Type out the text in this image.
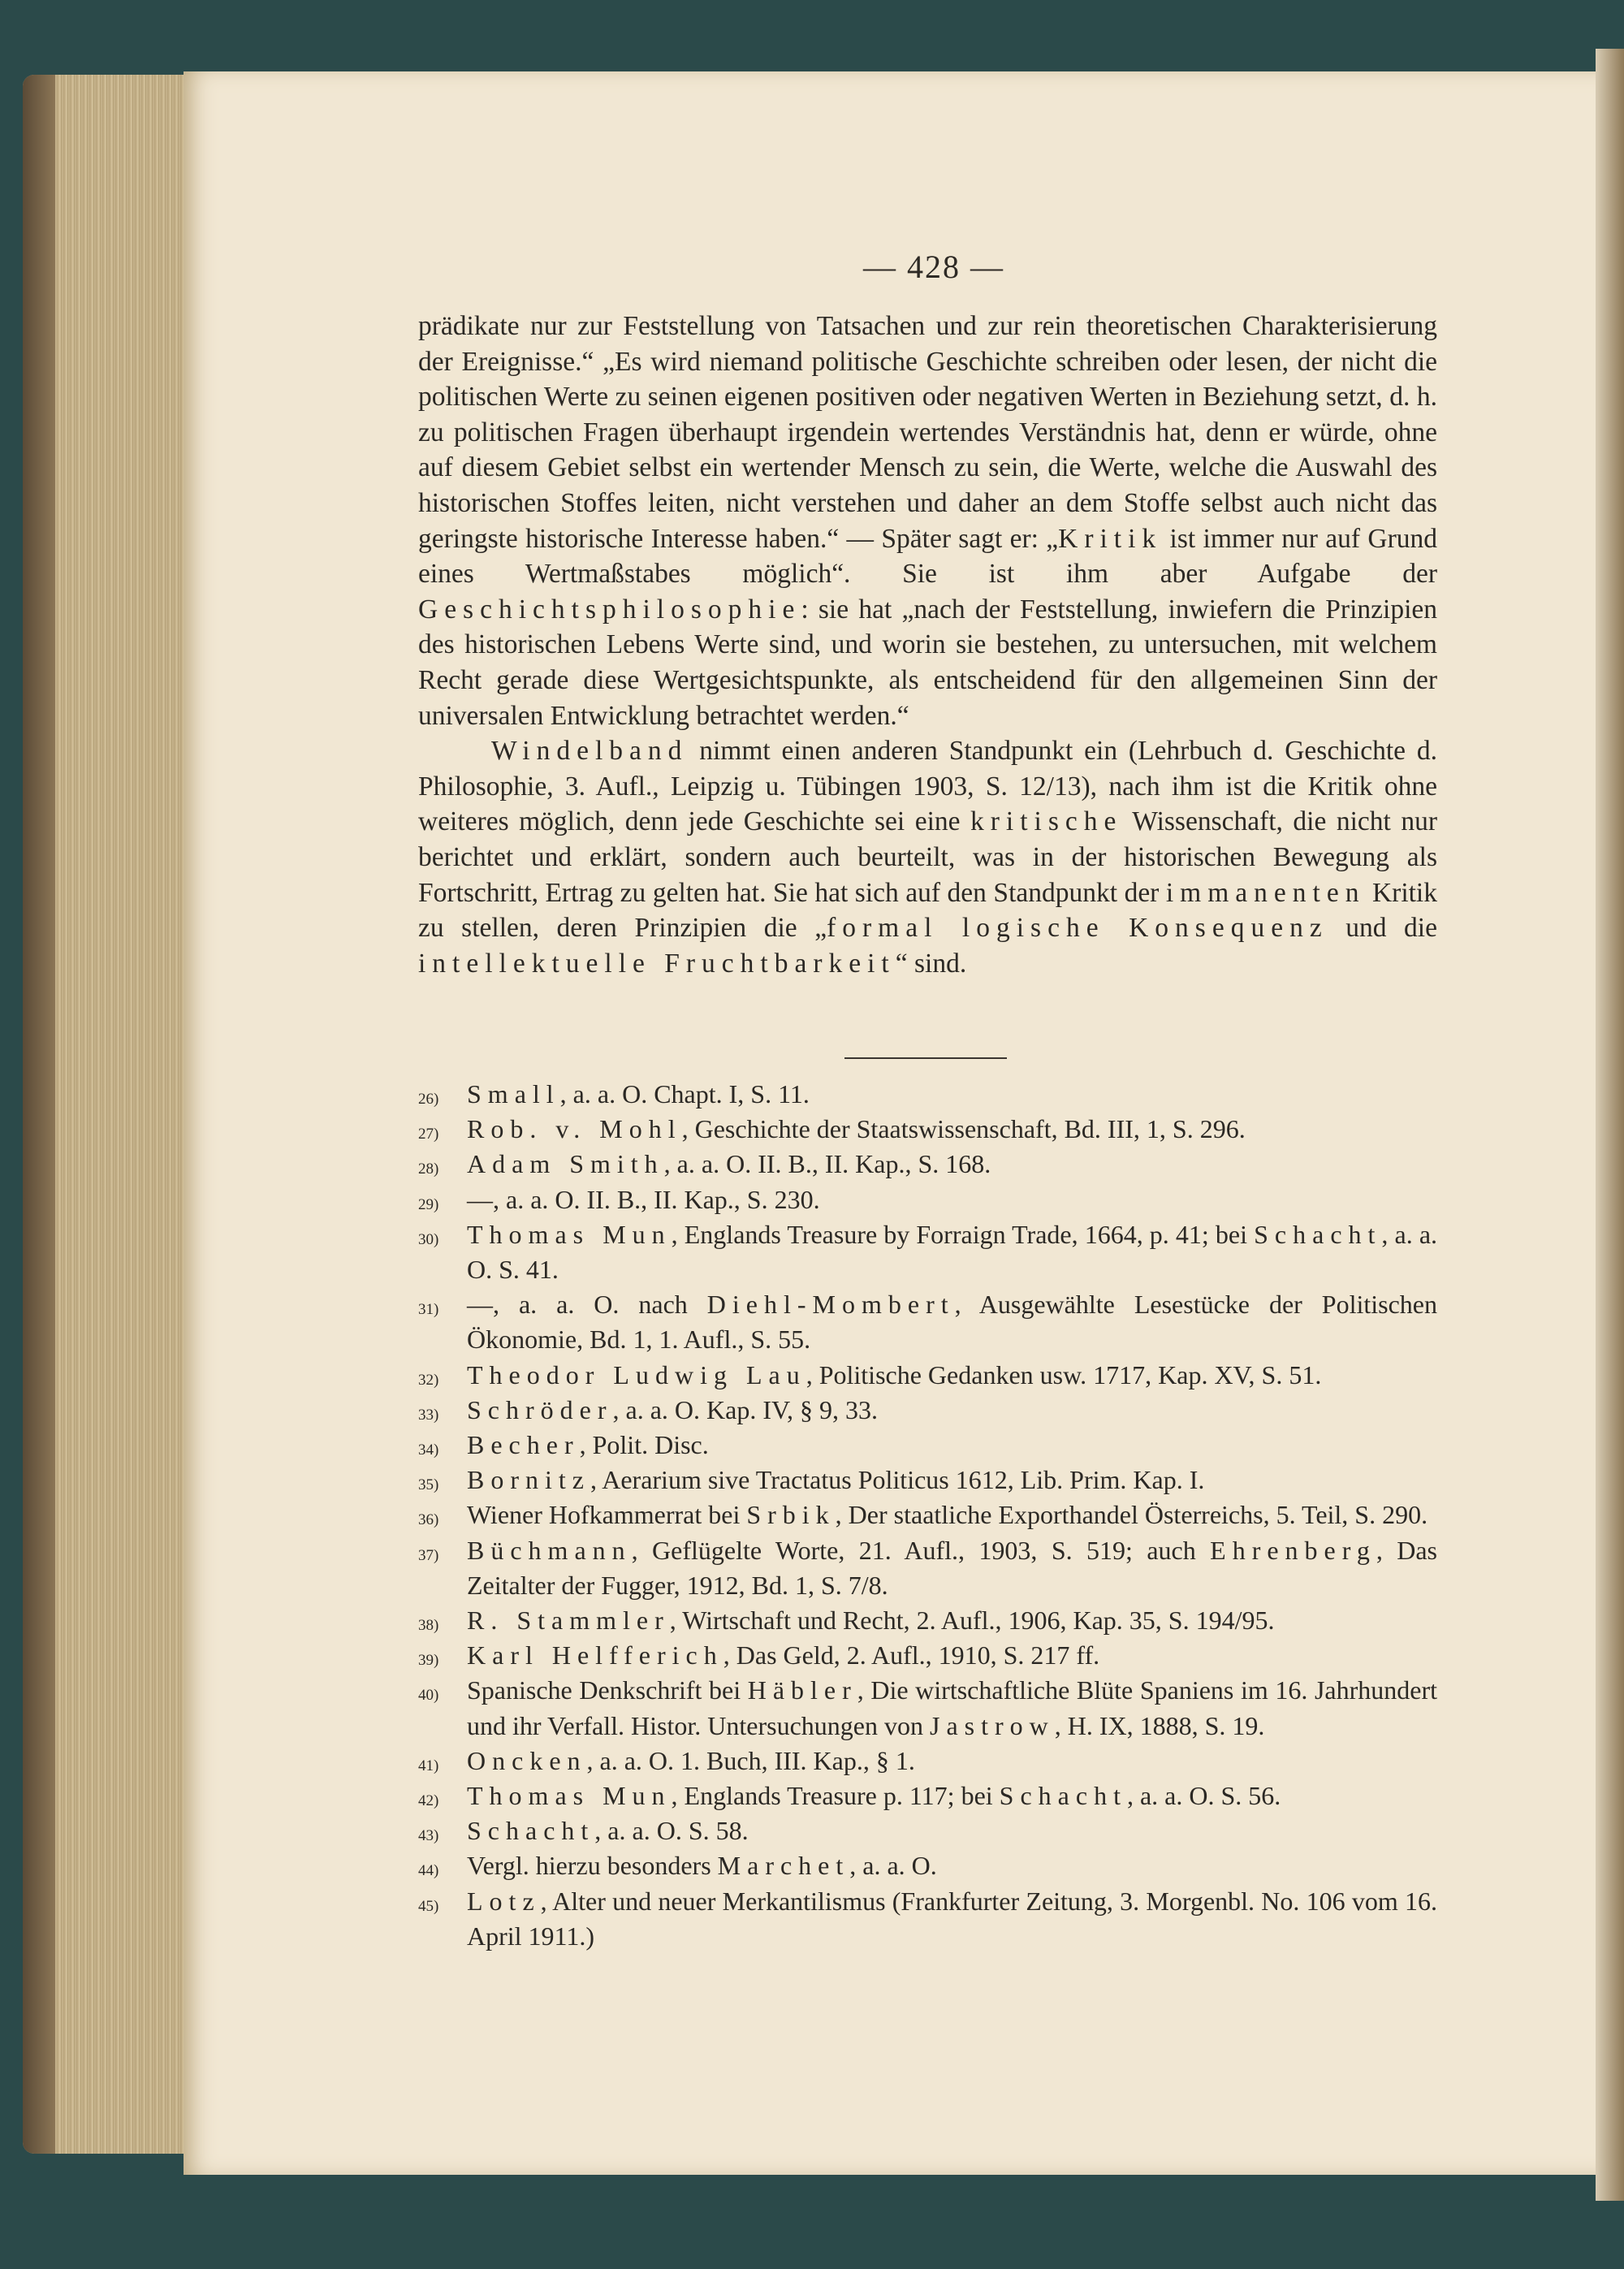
— 428 —

prädikate nur zur Feststellung von Tatsachen und zur rein theoretischen Charakterisierung der Ereignisse.“ „Es wird niemand politische Geschichte schreiben oder lesen, der nicht die politischen Werte zu seinen eigenen positiven oder negativen Werten in Beziehung setzt, d. h. zu politischen Fragen überhaupt irgendein wertendes Verständnis hat, denn er würde, ohne auf diesem Gebiet selbst ein wertender Mensch zu sein, die Werte, welche die Auswahl des historischen Stoffes leiten, nicht verstehen und daher an dem Stoffe selbst auch nicht das geringste historische Interesse haben.“ — Später sagt er: „Kritik ist immer nur auf Grund eines Wertmaßstabes möglich“. Sie ist ihm aber Aufgabe der Geschichtsphilosophie: sie hat „nach der Feststellung, inwiefern die Prinzipien des historischen Lebens Werte sind, und worin sie bestehen, zu untersuchen, mit welchem Recht gerade diese Wertgesichtspunkte, als entscheidend für den allgemeinen Sinn der universalen Entwicklung betrachtet werden.“

Windelband nimmt einen anderen Standpunkt ein (Lehrbuch d. Geschichte d. Philosophie, 3. Aufl., Leipzig u. Tübingen 1903, S. 12/13), nach ihm ist die Kritik ohne weiteres möglich, denn jede Geschichte sei eine kritische Wissenschaft, die nicht nur berichtet und erklärt, sondern auch beurteilt, was in der historischen Bewegung als Fortschritt, Ertrag zu gelten hat. Sie hat sich auf den Standpunkt der immanenten Kritik zu stellen, deren Prinzipien die „formal logische Konsequenz und die intellektuelle Fruchtbarkeit“ sind.

26) Small, a. a. O. Chapt. I, S. 11.
27) Rob. v. Mohl, Geschichte der Staatswissenschaft, Bd. III, 1, S. 296.
28) Adam Smith, a. a. O. II. B., II. Kap., S. 168.
29) —, a. a. O. II. B., II. Kap., S. 230.
30) Thomas Mun, Englands Treasure by Forraign Trade, 1664, p. 41; bei Schacht, a. a. O. S. 41.
31) —, a. a. O. nach Diehl-Mombert, Ausgewählte Lesestücke der Politischen Ökonomie, Bd. 1, 1. Aufl., S. 55.
32) Theodor Ludwig Lau, Politische Gedanken usw. 1717, Kap. XV, S. 51.
33) Schröder, a. a. O. Kap. IV, § 9, 33.
34) Becher, Polit. Disc.
35) Bornitz, Aerarium sive Tractatus Politicus 1612, Lib. Prim. Kap. I.
36) Wiener Hofkammerrat bei Srbik, Der staatliche Exporthandel Österreichs, 5. Teil, S. 290.
37) Büchmann, Geflügelte Worte, 21. Aufl., 1903, S. 519; auch Ehrenberg, Das Zeitalter der Fugger, 1912, Bd. 1, S. 7/8.
38) R. Stammler, Wirtschaft und Recht, 2. Aufl., 1906, Kap. 35, S. 194/95.
39) Karl Helfferich, Das Geld, 2. Aufl., 1910, S. 217 ff.
40) Spanische Denkschrift bei Häbler, Die wirtschaftliche Blüte Spaniens im 16. Jahrhundert und ihr Verfall. Histor. Untersuchungen von Jastrow, H. IX, 1888, S. 19.
41) Oncken, a. a. O. 1. Buch, III. Kap., § 1.
42) Thomas Mun, Englands Treasure p. 117; bei Schacht, a. a. O. S. 56.
43) Schacht, a. a. O. S. 58.
44) Vergl. hierzu besonders Marchet, a. a. O.
45) Lotz, Alter und neuer Merkantilismus (Frankfurter Zeitung, 3. Morgenbl. No. 106 vom 16. April 1911.)
